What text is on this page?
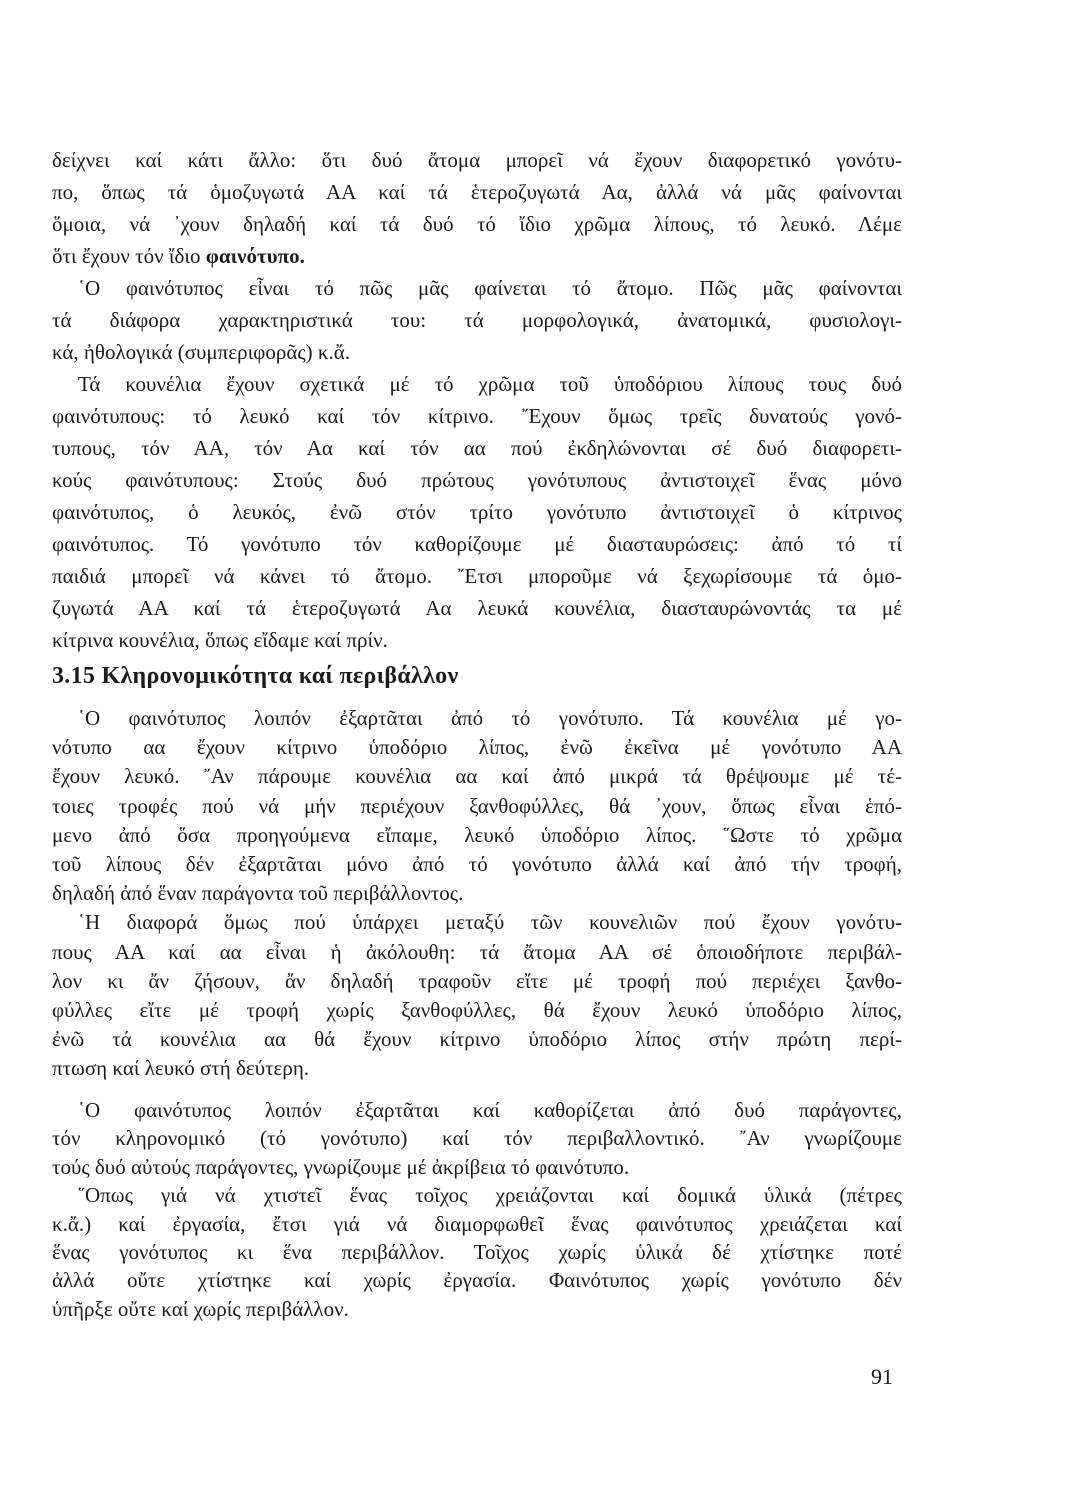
δείχνει καί κάτι ἄλλο: ὅτι δυό ἄτομα μπορεῖ νά ἔχουν διαφορετικό γονότυ-
πο, ὅπως τά ὁμοζυγωτά ΑΑ καί τά ἑτεροζυγωτά Αα, ἀλλά νά μᾶς φαίνονται
ὅμοια, νά ᾽χουν δηλαδή καί τά δυό τό ἴδιο χρῶμα λίπους, τό λευκό. Λέμε
ὅτι ἔχουν τόν ἴδιο φαινότυπο.
῾Ο φαινότυπος εἶναι τό πῶς μᾶς φαίνεται τό ἄτομο. Πῶς μᾶς φαίνονται
τά διάφορα χαρακτηριστικά του: τά μορφολογικά, ἀνατομικά, φυσιολογι-
κά, ἠθολογικά (συμπεριφορᾶς) κ.ἄ.
Τά κουνέλια ἔχουν σχετικά μέ τό χρῶμα τοῦ ὑποδόριου λίπους τους δυό
φαινότυπους: τό λευκό καί τόν κίτρινο. ῎Εχουν ὅμως τρεῖς δυνατούς γονό-
τυπους, τόν ΑΑ, τόν Αα καί τόν αα πού ἐκδηλώνονται σέ δυό διαφορετι-
κούς φαινότυπους: Στούς δυό πρώτους γονότυπους ἀντιστοιχεῖ ἕνας μόνο
φαινότυπος, ὁ λευκός, ἐνῶ στόν τρίτο γονότυπο ἀντιστοιχεῖ ὁ κίτρινος
φαινότυπος. Τό γονότυπο τόν καθορίζουμε μέ διασταυρώσεις: ἀπό τό τί
παιδιά μπορεῖ νά κάνει τό ἄτομο. ῎Ετσι μποροῦμε νά ξεχωρίσουμε τά ὁμο-
ζυγωτά ΑΑ καί τά ἑτεροζυγωτά Αα λευκά κουνέλια, διασταυρώνοντάς τα μέ
κίτρινα κουνέλια, ὅπως εἴδαμε καί πρίν.
3.15 Κληρονομικότητα καί περιβάλλον
῾Ο φαινότυπος λοιπόν ἐξαρτᾶται ἀπό τό γονότυπο. Τά κουνέλια μέ γο-
νότυπο αα ἔχουν κίτρινο ὑποδόριο λίπος, ἐνῶ ἐκεῖνα μέ γονότυπο ΑΑ
ἔχουν λευκό. ῎Αν πάρουμε κουνέλια αα καί ἀπό μικρά τά θρέψουμε μέ τέ-
τοιες τροφές πού νά μήν περιέχουν ξανθοφύλλες, θά ᾽χουν, ὅπως εἶναι ἑπό-
μενο ἀπό ὅσα προηγούμενα εἴπαμε, λευκό ὑποδόριο λίπος. ῞Ωστε τό χρῶμα
τοῦ λίπους δέν ἐξαρτᾶται μόνο ἀπό τό γονότυπο ἀλλά καί ἀπό τήν τροφή,
δηλαδή ἀπό ἕναν παράγοντα τοῦ περιβάλλοντος.
῾Η διαφορά ὅμως πού ὑπάρχει μεταξύ τῶν κουνελιῶν πού ἔχουν γονότυ-
πους ΑΑ καί αα εἶναι ἡ ἀκόλουθη: τά ἄτομα ΑΑ σέ ὁποιοδήποτε περιβάλ-
λον κι ἄν ζήσουν, ἄν δηλαδή τραφοῦν εἴτε μέ τροφή πού περιέχει ξανθο-
φύλλες εἴτε μέ τροφή χωρίς ξανθοφύλλες, θά ἔχουν λευκό ὑποδόριο λίπος,
ἐνῶ τά κουνέλια αα θά ἔχουν κίτρινο ὑποδόριο λίπος στήν πρώτη περί-
πτωση καί λευκό στή δεύτερη.
῾Ο φαινότυπος λοιπόν ἐξαρτᾶται καί καθορίζεται ἀπό δυό παράγοντες,
τόν κληρονομικό (τό γονότυπο) καί τόν περιβαλλοντικό. ῎Αν γνωρίζουμε
τούς δυό αὐτούς παράγοντες, γνωρίζουμε μέ ἀκρίβεια τό φαινότυπο.
῞Οπως γιά νά χτιστεῖ ἕνας τοῖχος χρειάζονται καί δομικά ὑλικά (πέτρες
κ.ἄ.) καί ἐργασία, ἔτσι γιά νά διαμορφωθεῖ ἕνας φαινότυπος χρειάζεται καί
ἕνας γονότυπος κι ἕνα περιβάλλον. Τοῖχος χωρίς ὑλικά δέ χτίστηκε ποτέ
ἀλλά οὔτε χτίστηκε καί χωρίς ἐργασία. Φαινότυπος χωρίς γονότυπο δέν
ὑπῆρξε οὔτε καί χωρίς περιβάλλον.
91
